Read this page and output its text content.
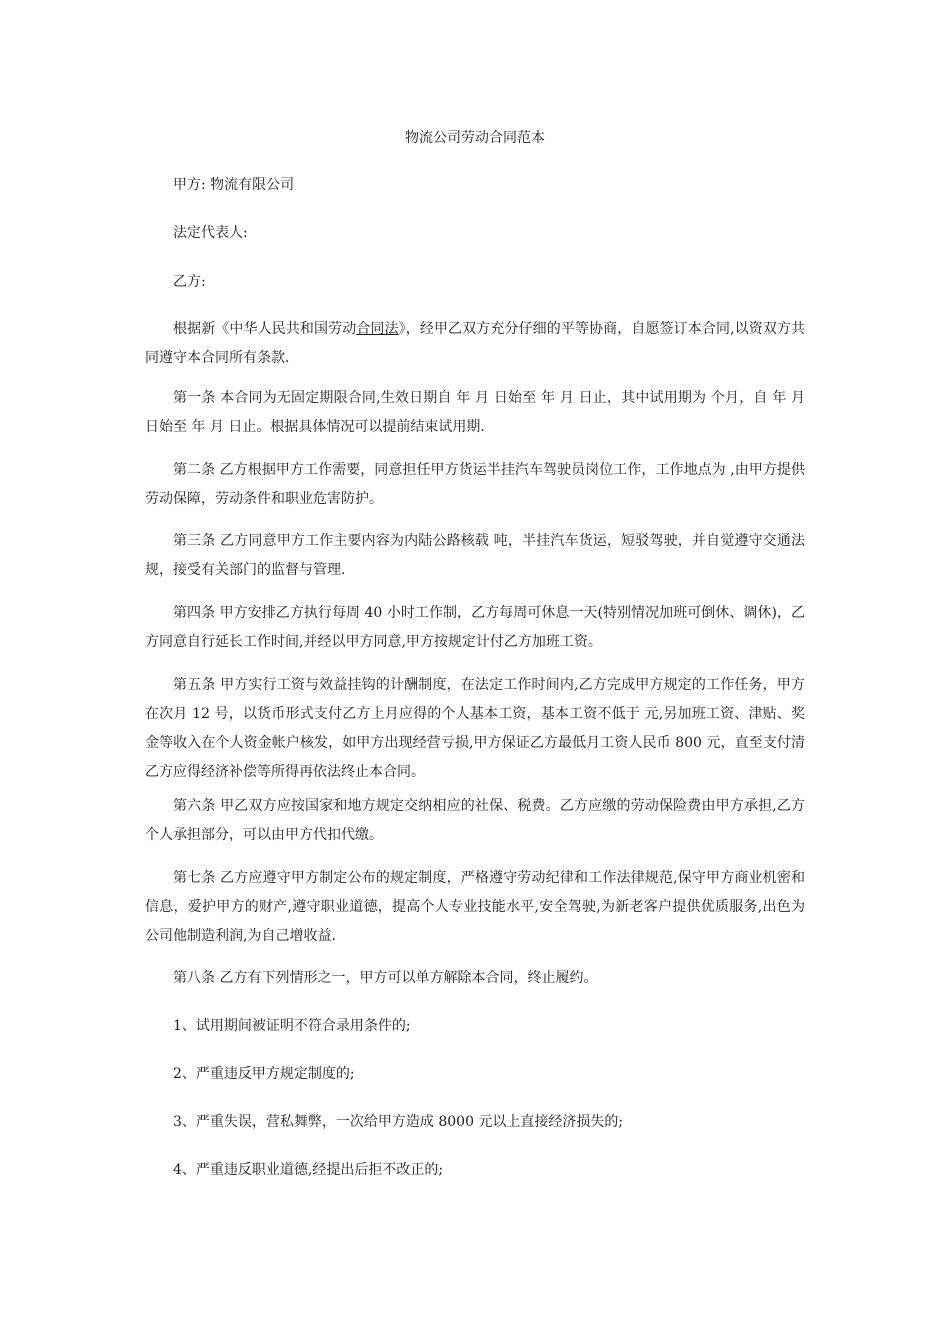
物流公司劳动合同范本

甲方: 物流有限公司

法定代表人:

乙方:

根据新《中华人民共和国劳动合同法》，经甲乙双方充分仔细的平等协商，自愿签订本合同,以资双方共同遵守本合同所有条款.

第一条 本合同为无固定期限合同,生效日期自 年 月 日始至 年 月 日止，其中试用期为 个月，自 年 月 日始至 年 月 日止。根据具体情况可以提前结束试用期.

第二条 乙方根据甲方工作需要，同意担任甲方货运半挂汽车驾驶员岗位工作，工作地点为 ,由甲方提供劳动保障，劳动条件和职业危害防护。

第三条 乙方同意甲方工作主要内容为内陆公路核载 吨，半挂汽车货运，短驳驾驶，并自觉遵守交通法规，接受有关部门的监督与管理.

第四条 甲方安排乙方执行每周 40 小时工作制，乙方每周可休息一天(特别情况加班可倒休、调休)，乙方同意自行延长工作时间,并经以甲方同意,甲方按规定计付乙方加班工资。

第五条 甲方实行工资与效益挂钩的计酬制度，在法定工作时间内,乙方完成甲方规定的工作任务，甲方在次月 12 号，以货币形式支付乙方上月应得的个人基本工资，基本工资不低于 元,另加班工资、津贴、奖金等收入在个人资金帐户核发，如甲方出现经营亏损,甲方保证乙方最低月工资人民币 800 元，直至支付清乙方应得经济补偿等所得再依法终止本合同。

第六条 甲乙双方应按国家和地方规定交纳相应的社保、税费。乙方应缴的劳动保险费由甲方承担,乙方个人承担部分，可以由甲方代扣代缴。

第七条 乙方应遵守甲方制定公布的规定制度，严格遵守劳动纪律和工作法律规范,保守甲方商业机密和信息，爱护甲方的财产,遵守职业道德，提高个人专业技能水平,安全驾驶,为新老客户提供优质服务,出色为公司他制造利润,为自己增收益.

第八条 乙方有下列情形之一，甲方可以单方解除本合同，终止履约。

1、试用期间被证明不符合录用条件的;

2、严重违反甲方规定制度的;

3、严重失误，营私舞弊，一次给甲方造成 8000 元以上直接经济损失的;

4、严重违反职业道德,经提出后拒不改正的;
